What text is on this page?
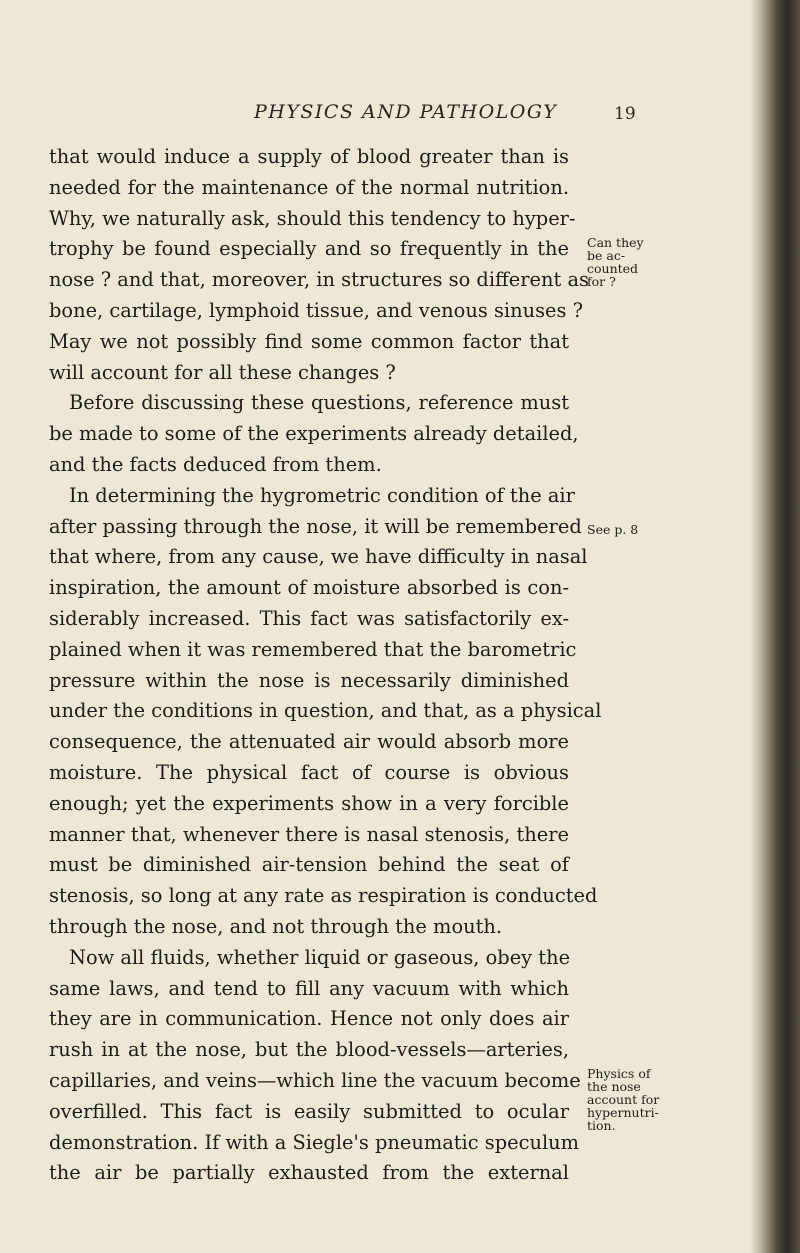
PHYSICS AND PATHOLOGY	19
that would induce a supply of blood greater than is
needed for the maintenance of the normal nutrition.
Why, we naturally ask, should this tendency to hyper-
trophy be found especially and so frequently in the
nose ? and that, moreover, in structures so different as
bone, cartilage, lymphoid tissue, and venous sinuses ?
May we not possibly find some common factor that
will account for all these changes ?
Before discussing these questions, reference must
be made to some of the experiments already detailed,
and the facts deduced from them.
In determining the hygrometric condition of the air
after passing through the nose, it will be remembered
that where, from any cause, we have difficulty in nasal
inspiration, the amount of moisture absorbed is con-
siderably increased. This fact was satisfactorily ex-
plained when it was remembered that the barometric
pressure within the nose is necessarily diminished
under the conditions in question, and that, as a physical
consequence, the attenuated air would absorb more
moisture. The physical fact of course is obvious
enough; yet the experiments show in a very forcible
manner that, whenever there is nasal stenosis, there
must be diminished air-tension behind the seat of
stenosis, so long at any rate as respiration is conducted
through the nose, and not through the mouth.
Now all fluids, whether liquid or gaseous, obey the
same laws, and tend to fill any vacuum with which
they are in communication. Hence not only does air
rush in at the nose, but the blood-vessels—arteries,
capillaries, and veins—which line the vacuum become
overfilled. This fact is easily submitted to ocular
demonstration. If with a Siegle's pneumatic speculum
the air be partially exhausted from the external
Can they
be ac-
counted
for ?
See p. 8
Physics of
the nose
account for
hypernutri-
tion.
